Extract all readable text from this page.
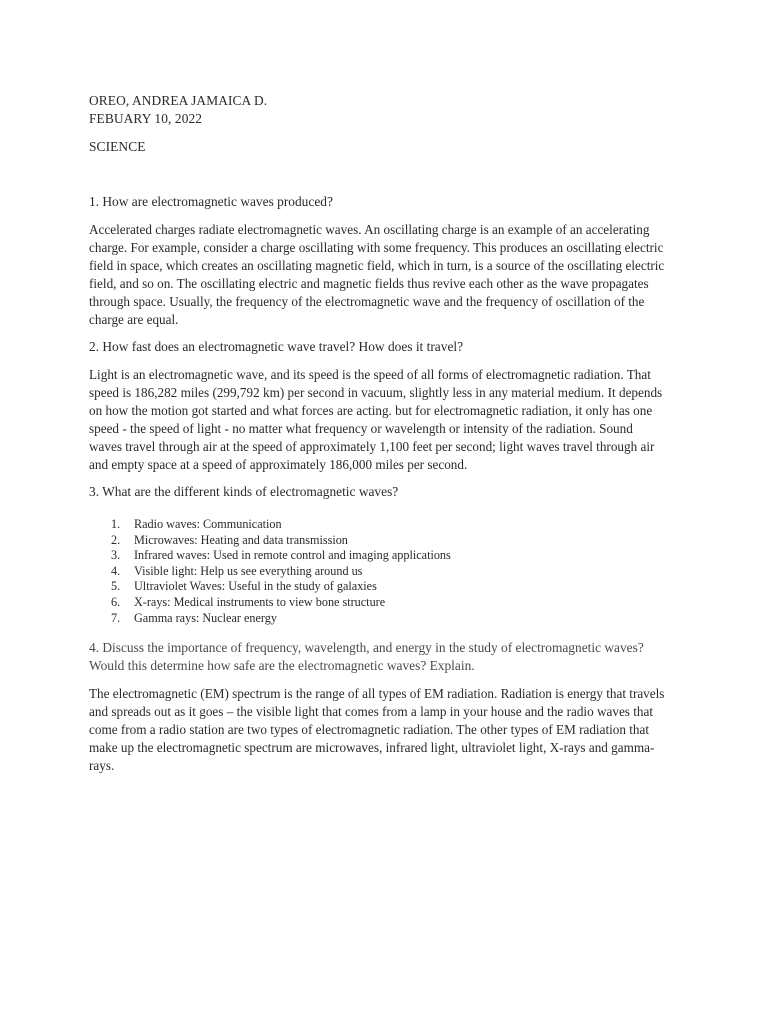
OREO, ANDREA JAMAICA D.

FEBUARY 10, 2022

SCIENCE

1. How are electromagnetic waves produced?

Accelerated charges radiate electromagnetic waves. An oscillating charge is an example of an accelerating charge. For example, consider a charge oscillating with some frequency. This produces an oscillating electric field in space, which creates an oscillating magnetic field, which in turn, is a source of the oscillating electric field, and so on. The oscillating electric and magnetic fields thus revive each other as the wave propagates through space. Usually, the frequency of the electromagnetic wave and the frequency of oscillation of the charge are equal.

2. How fast does an electromagnetic wave travel? How does it travel?

Light is an electromagnetic wave, and its speed is the speed of all forms of electromagnetic radiation. That speed is 186,282 miles (299,792 km) per second in vacuum, slightly less in any material medium. It depends on how the motion got started and what forces are acting. but for electromagnetic radiation, it only has one speed - the speed of light - no matter what frequency or wavelength or intensity of the radiation. Sound waves travel through air at the speed of approximately 1,100 feet per second; light waves travel through air and empty space at a speed of approximately 186,000 miles per second.

3. What are the different kinds of electromagnetic waves?

1.	Radio waves: Communication
2.	Microwaves: Heating and data transmission
3.	Infrared waves: Used in remote control and imaging applications
4.	Visible light: Help us see everything around us
5.	Ultraviolet Waves: Useful in the study of galaxies
6.	X-rays: Medical instruments to view bone structure
7.	Gamma rays: Nuclear energy

4. Discuss the importance of frequency, wavelength, and energy in the study of electromagnetic waves? Would this determine how safe are the electromagnetic waves? Explain.

The electromagnetic (EM) spectrum is the range of all types of EM radiation. Radiation is energy that travels and spreads out as it goes – the visible light that comes from a lamp in your house and the radio waves that come from a radio station are two types of electromagnetic radiation. The other types of EM radiation that make up the electromagnetic spectrum are microwaves, infrared light, ultraviolet light, X-rays and gamma-rays.
